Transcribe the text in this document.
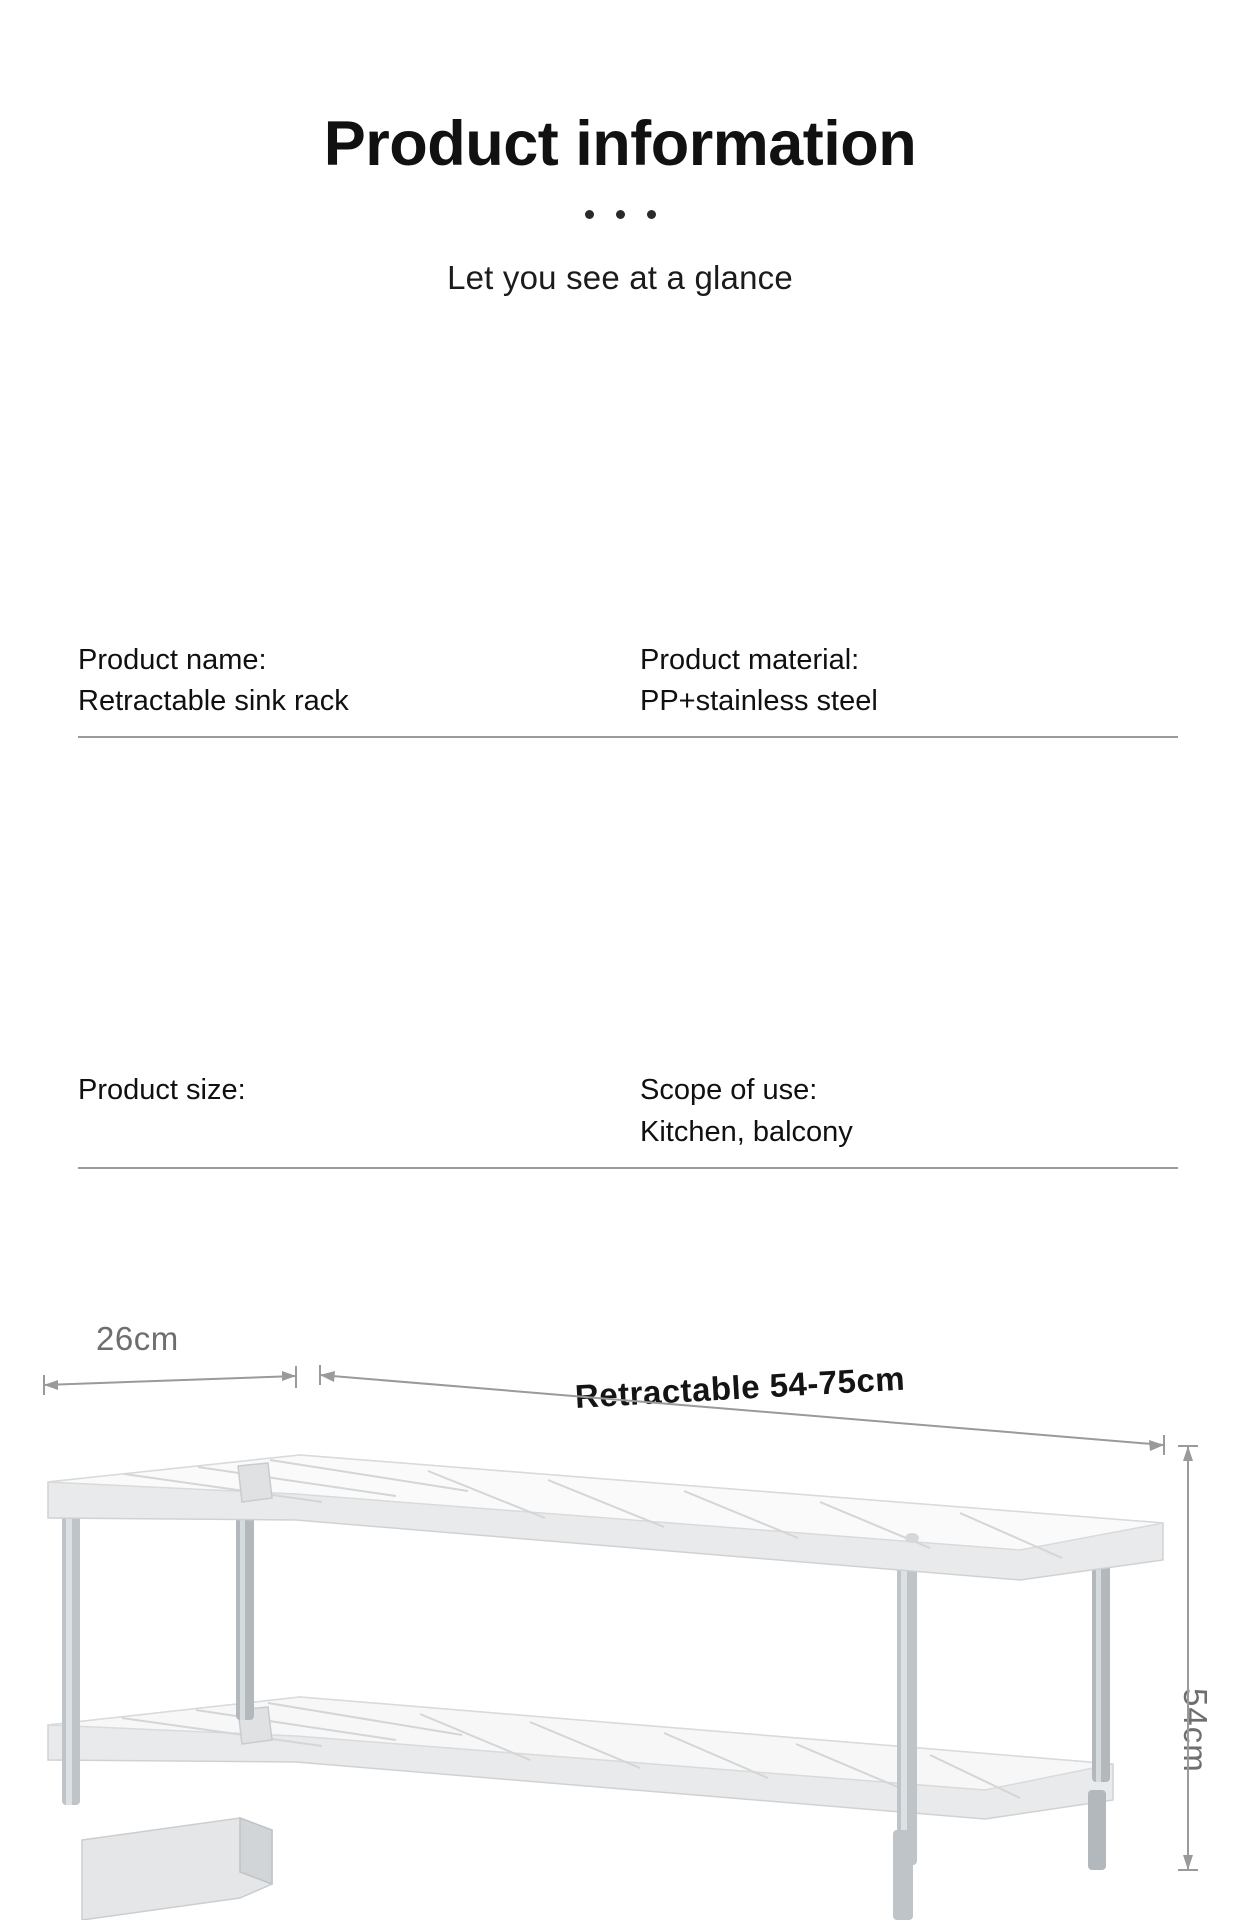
Product information

Let you see at a glance

Product name:
Retractable sink rack
Product material:
PP+stainless steel
Product size:	Scope of use:
Kitchen, balcony
26cm
Retractable 54-75cm
54cm
